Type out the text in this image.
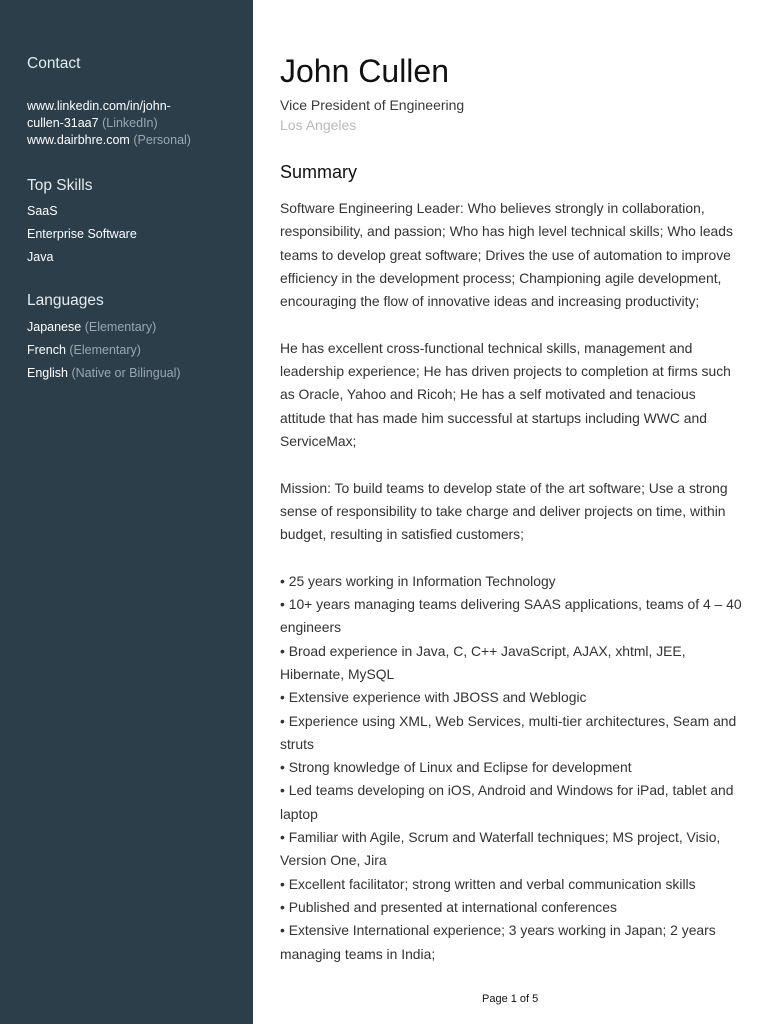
Contact
www.linkedin.com/in/john-cullen-31aa7 (LinkedIn)
www.dairbhre.com (Personal)
Top Skills
SaaS
Enterprise Software
Java
Languages
Japanese (Elementary)
French (Elementary)
English (Native or Bilingual)
John Cullen
Vice President of Engineering
Los Angeles
Summary

Software Engineering Leader: Who believes strongly in collaboration, responsibility, and passion; Who has high level technical skills; Who leads teams to develop great software; Drives the use of automation to improve efficiency in the development process; Championing agile development, encouraging the flow of innovative ideas and increasing productivity;

He has excellent cross-functional technical skills, management and leadership experience; He has driven projects to completion at firms such as Oracle, Yahoo and Ricoh; He has a self motivated and tenacious attitude that has made him successful at startups including WWC and ServiceMax;

Mission: To build teams to develop state of the art software; Use a strong sense of responsibility to take charge and deliver projects on time, within budget, resulting in satisfied customers;

• 25 years working in Information Technology

• 10+ years managing teams delivering SAAS applications, teams of 4 – 40 engineers

• Broad experience in Java, C, C++ JavaScript, AJAX, xhtml, JEE, Hibernate, MySQL

• Extensive experience with JBOSS and Weblogic

• Experience using XML, Web Services, multi-tier architectures, Seam and struts

• Strong knowledge of Linux and Eclipse for development

• Led teams developing on iOS, Android and Windows for iPad, tablet and laptop

• Familiar with Agile, Scrum and Waterfall techniques; MS project, Visio, Version One, Jira

• Excellent facilitator; strong written and verbal communication skills

• Published and presented at international conferences

• Extensive International experience; 3 years working in Japan; 2 years managing teams in India;

Page 1 of 5
